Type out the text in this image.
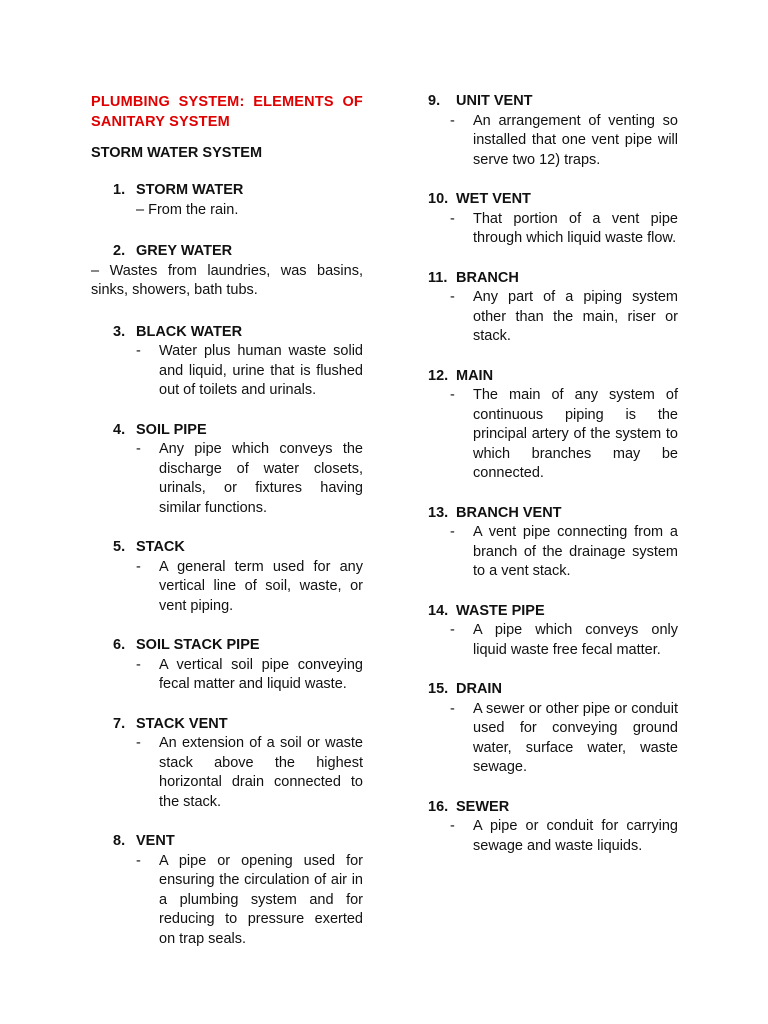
PLUMBING SYSTEM: ELEMENTS OF SANITARY SYSTEM
STORM WATER SYSTEM
1. STORM WATER
– From the rain.
2. GREY WATER
– Wastes from laundries, was basins, sinks, showers, bath tubs.
3. BLACK WATER
-	Water plus human waste solid and liquid, urine that is flushed out of toilets and urinals.
4. SOIL PIPE
-	Any pipe which conveys the discharge of water closets, urinals, or fixtures having similar functions.
5. STACK
-	A general term used for any vertical line of soil, waste, or vent piping.
6. SOIL STACK PIPE
-	A vertical soil pipe conveying fecal matter and liquid waste.
7. STACK VENT
-	An extension of a soil or waste stack above the highest horizontal drain connected to the stack.
8. VENT
-	A pipe or opening used for ensuring the circulation of air in a plumbing system and for reducing to pressure exerted on trap seals.
9.	UNIT VENT
-	An arrangement of venting so installed that one vent pipe will serve two 12) traps.
10. WET VENT
-	That portion of a vent pipe through which liquid waste flow.
11. BRANCH
-	Any part of a piping system other than the main, riser or stack.
12. MAIN
-	The main of any system of continuous piping is the principal artery of the system to which branches may be connected.
13. BRANCH VENT
-	A vent pipe connecting from a branch of the drainage system to a vent stack.
14. WASTE PIPE
-	A pipe which conveys only liquid waste free fecal matter.
15. DRAIN
-	A sewer or other pipe or conduit used for conveying ground water, surface water, waste sewage.
16. SEWER
-	A pipe or conduit for carrying sewage and waste liquids.
